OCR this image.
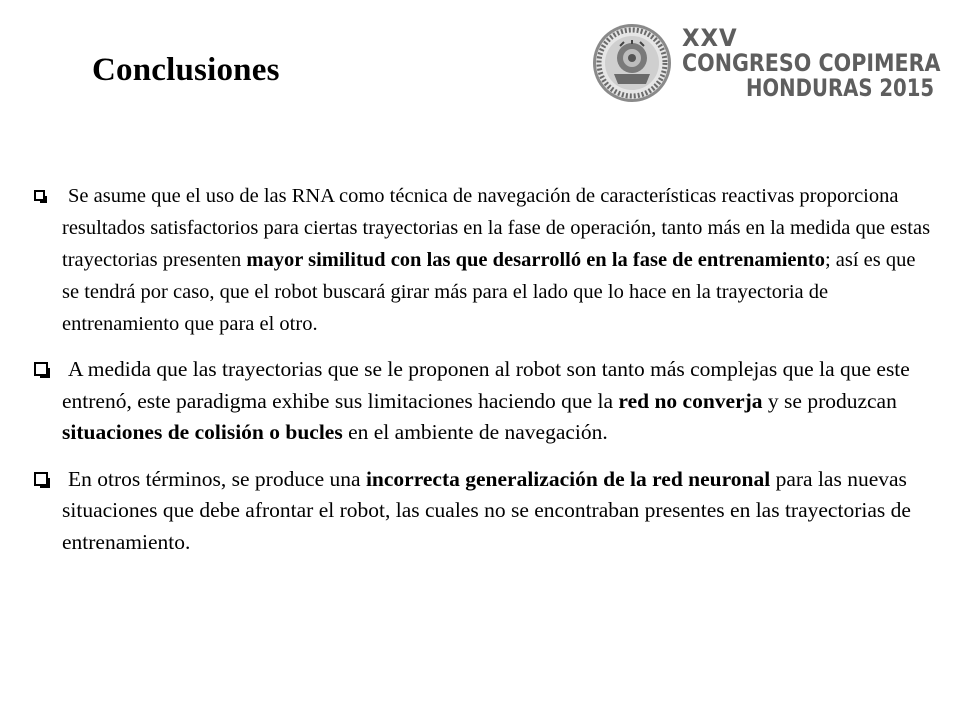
Conclusiones
XXV
CONGRESO COPIMERA
HONDURAS 2015

Se asume que el uso de las RNA como técnica de navegación de características reactivas proporciona resultados satisfactorios para ciertas trayectorias en la fase de operación, tanto más en la medida que estas trayectorias presenten mayor similitud con las que desarrolló en la fase de entrenamiento; así es que se tendrá por caso, que el robot buscará girar más para el lado que lo hace en la trayectoria de entrenamiento que para el otro.

A medida que las trayectorias que se le proponen al robot son tanto más complejas que la que este entrenó, este paradigma exhibe sus limitaciones haciendo que la red no converja y se produzcan situaciones de colisión o bucles en el ambiente de navegación.

En otros términos, se produce una incorrecta generalización de la red neuronal para las nuevas situaciones que debe afrontar el robot, las cuales no se encontraban presentes en las trayectorias de entrenamiento.
